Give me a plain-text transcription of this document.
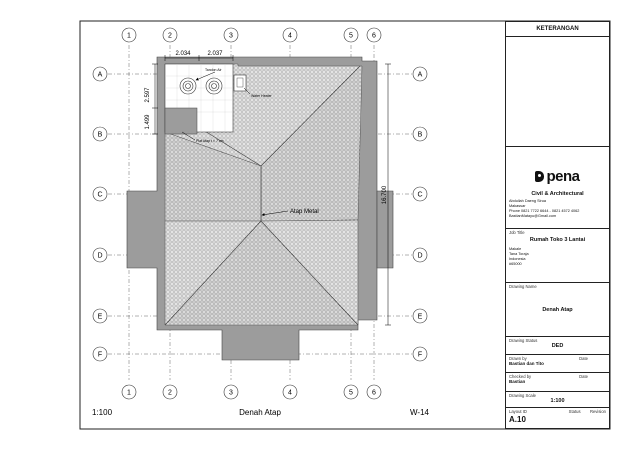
1
1
2
2
3
3
4
4
5
5
6
6
A	A
B	B
C	C
D	D
E	E
F	F
2.034	2.037
2.597
1.499
16.700
Tandon Air
Water Heater
Plat Atap t = 7 cm
Atap Metal
1:100	Denah Atap	W-14
KETERANGAN
pena
Civil & Architectural
Abdullah Daeng Sirua
Makassar
Phone 0821 7722 6644 - 0821 4572 4062
BastianMatayu@Gmail.com
Job Title
Rumah Toko 3 Lantai
Makale
Tana Toraja
Indonesia
#65000
Drawing Name
Denah Atap
Drawing Status
DED
Drawn by	Date
Bastian dan Tito
Checked by	Date
Bastian
Drawing Scale
1:100
Layout ID	Status Revision
A.10
